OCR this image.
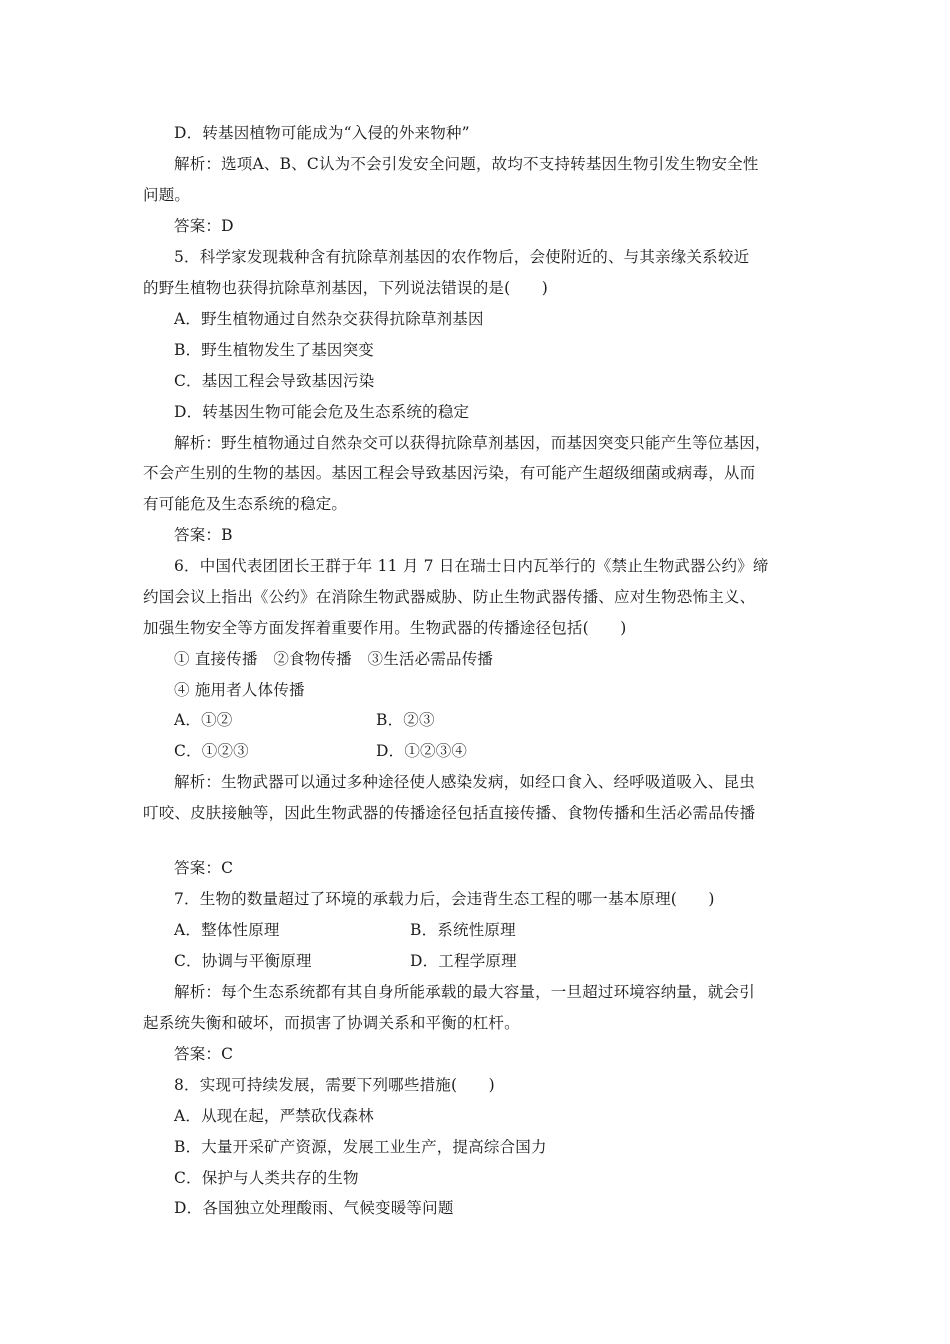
D．转基因植物可能成为“入侵的外来物种”
解析：选项A、B、C认为不会引发安全问题，故均不支持转基因生物引发生物安全性
问题。
答案：D
5．科学家发现栽种含有抗除草剂基因的农作物后，会使附近的、与其亲缘关系较近
的野生植物也获得抗除草剂基因，下列说法错误的是(　　)
A．野生植物通过自然杂交获得抗除草剂基因
B．野生植物发生了基因突变
C．基因工程会导致基因污染
D．转基因生物可能会危及生态系统的稳定
解析：野生植物通过自然杂交可以获得抗除草剂基因，而基因突变只能产生等位基因，
不会产生别的生物的基因。基因工程会导致基因污染，有可能产生超级细菌或病毒，从而
有可能危及生态系统的稳定。
答案：B
6．中国代表团团长王群于年 11 月 7 日在瑞士日内瓦举行的《禁止生物武器公约》缔
约国会议上指出《公约》在消除生物武器威胁、防止生物武器传播、应对生物恐怖主义、
加强生物安全等方面发挥着重要作用。生物武器的传播途径包括(　　)
① 直接传播　②食物传播　③生活必需品传播
④ 施用者人体传播
A．①②	B．②③
C．①②③	D．①②③④
解析：生物武器可以通过多种途径使人感染发病，如经口食入、经呼吸道吸入、昆虫
叮咬、皮肤接触等，因此生物武器的传播途径包括直接传播、食物传播和生活必需品传播
答案：C
7．生物的数量超过了环境的承载力后，会违背生态工程的哪一基本原理(　　)
A．整体性原理	B．系统性原理
C．协调与平衡原理	D．工程学原理
解析：每个生态系统都有其自身所能承载的最大容量，一旦超过环境容纳量，就会引
起系统失衡和破坏，而损害了协调关系和平衡的杠杆。
答案：C
8．实现可持续发展，需要下列哪些措施(　　)
A．从现在起，严禁砍伐森林
B．大量开采矿产资源，发展工业生产，提高综合国力
C．保护与人类共存的生物
D．各国独立处理酸雨、气候变暖等问题
